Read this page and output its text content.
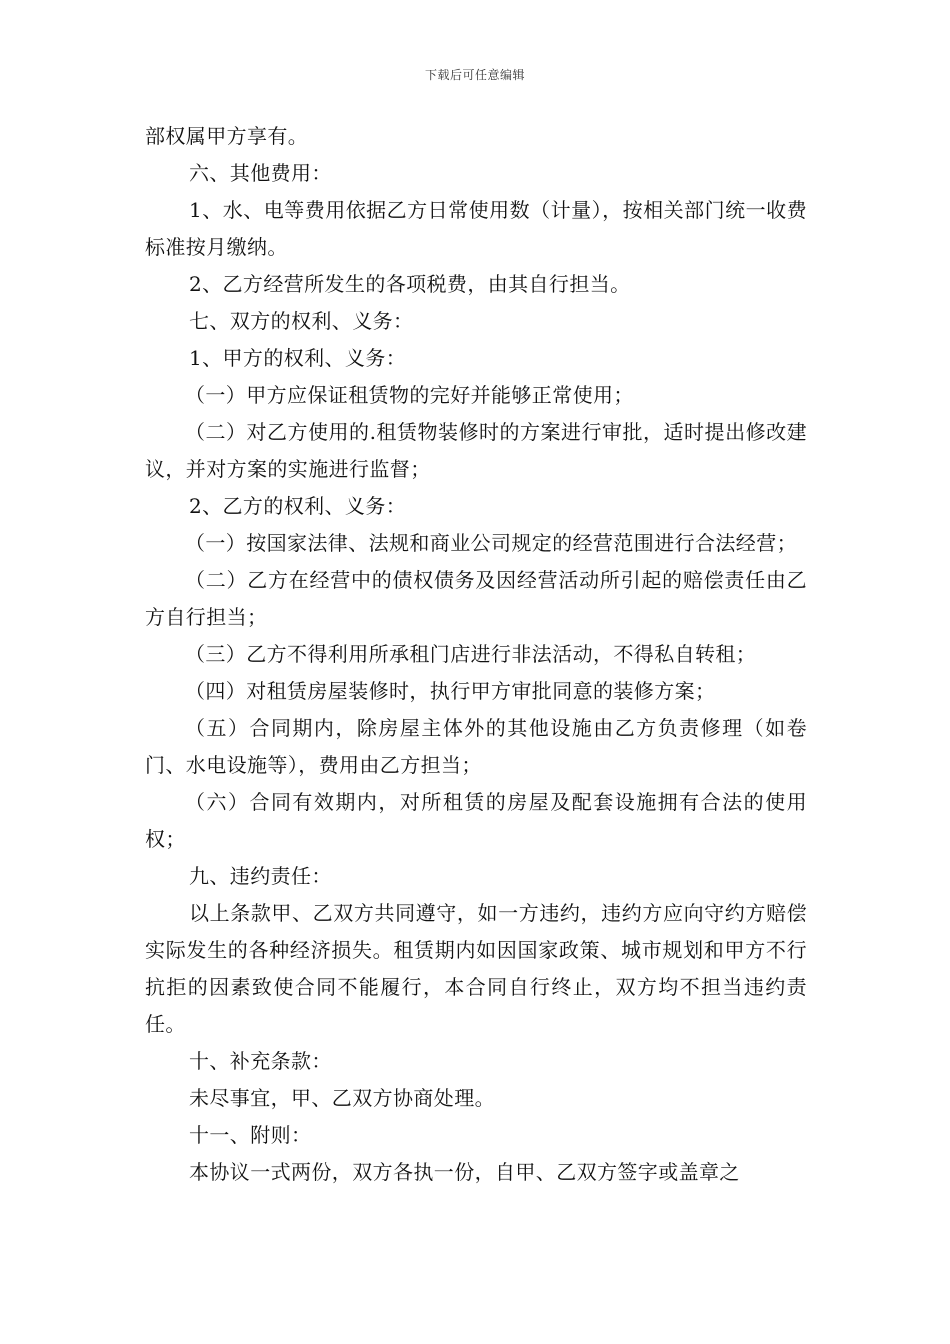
下载后可任意编辑

部权属甲方享有。

六、其他费用：

1、水、电等费用依据乙方日常使用数（计量），按相关部门统一收费标准按月缴纳。

2、乙方经营所发生的各项税费，由其自行担当。

七、双方的权利、义务：

1、甲方的权利、义务：

（一）甲方应保证租赁物的完好并能够正常使用；

（二）对乙方使用的.租赁物装修时的方案进行审批，适时提出修改建议，并对方案的实施进行监督；

2、乙方的权利、义务：

（一）按国家法律、法规和商业公司规定的经营范围进行合法经营；

（二）乙方在经营中的债权债务及因经营活动所引起的赔偿责任由乙方自行担当；

（三）乙方不得利用所承租门店进行非法活动，不得私自转租；

（四）对租赁房屋装修时，执行甲方审批同意的装修方案；

（五）合同期内，除房屋主体外的其他设施由乙方负责修理（如卷门、水电设施等），费用由乙方担当；

（六）合同有效期内，对所租赁的房屋及配套设施拥有合法的使用权；

九、违约责任：

以上条款甲、乙双方共同遵守，如一方违约，违约方应向守约方赔偿实际发生的各种经济损失。租赁期内如因国家政策、城市规划和甲方不行抗拒的因素致使合同不能履行，本合同自行终止，双方均不担当违约责任。

十、补充条款：

未尽事宜，甲、乙双方协商处理。

十一、附则：

本协议一式两份，双方各执一份，自甲、乙双方签字或盖章之
